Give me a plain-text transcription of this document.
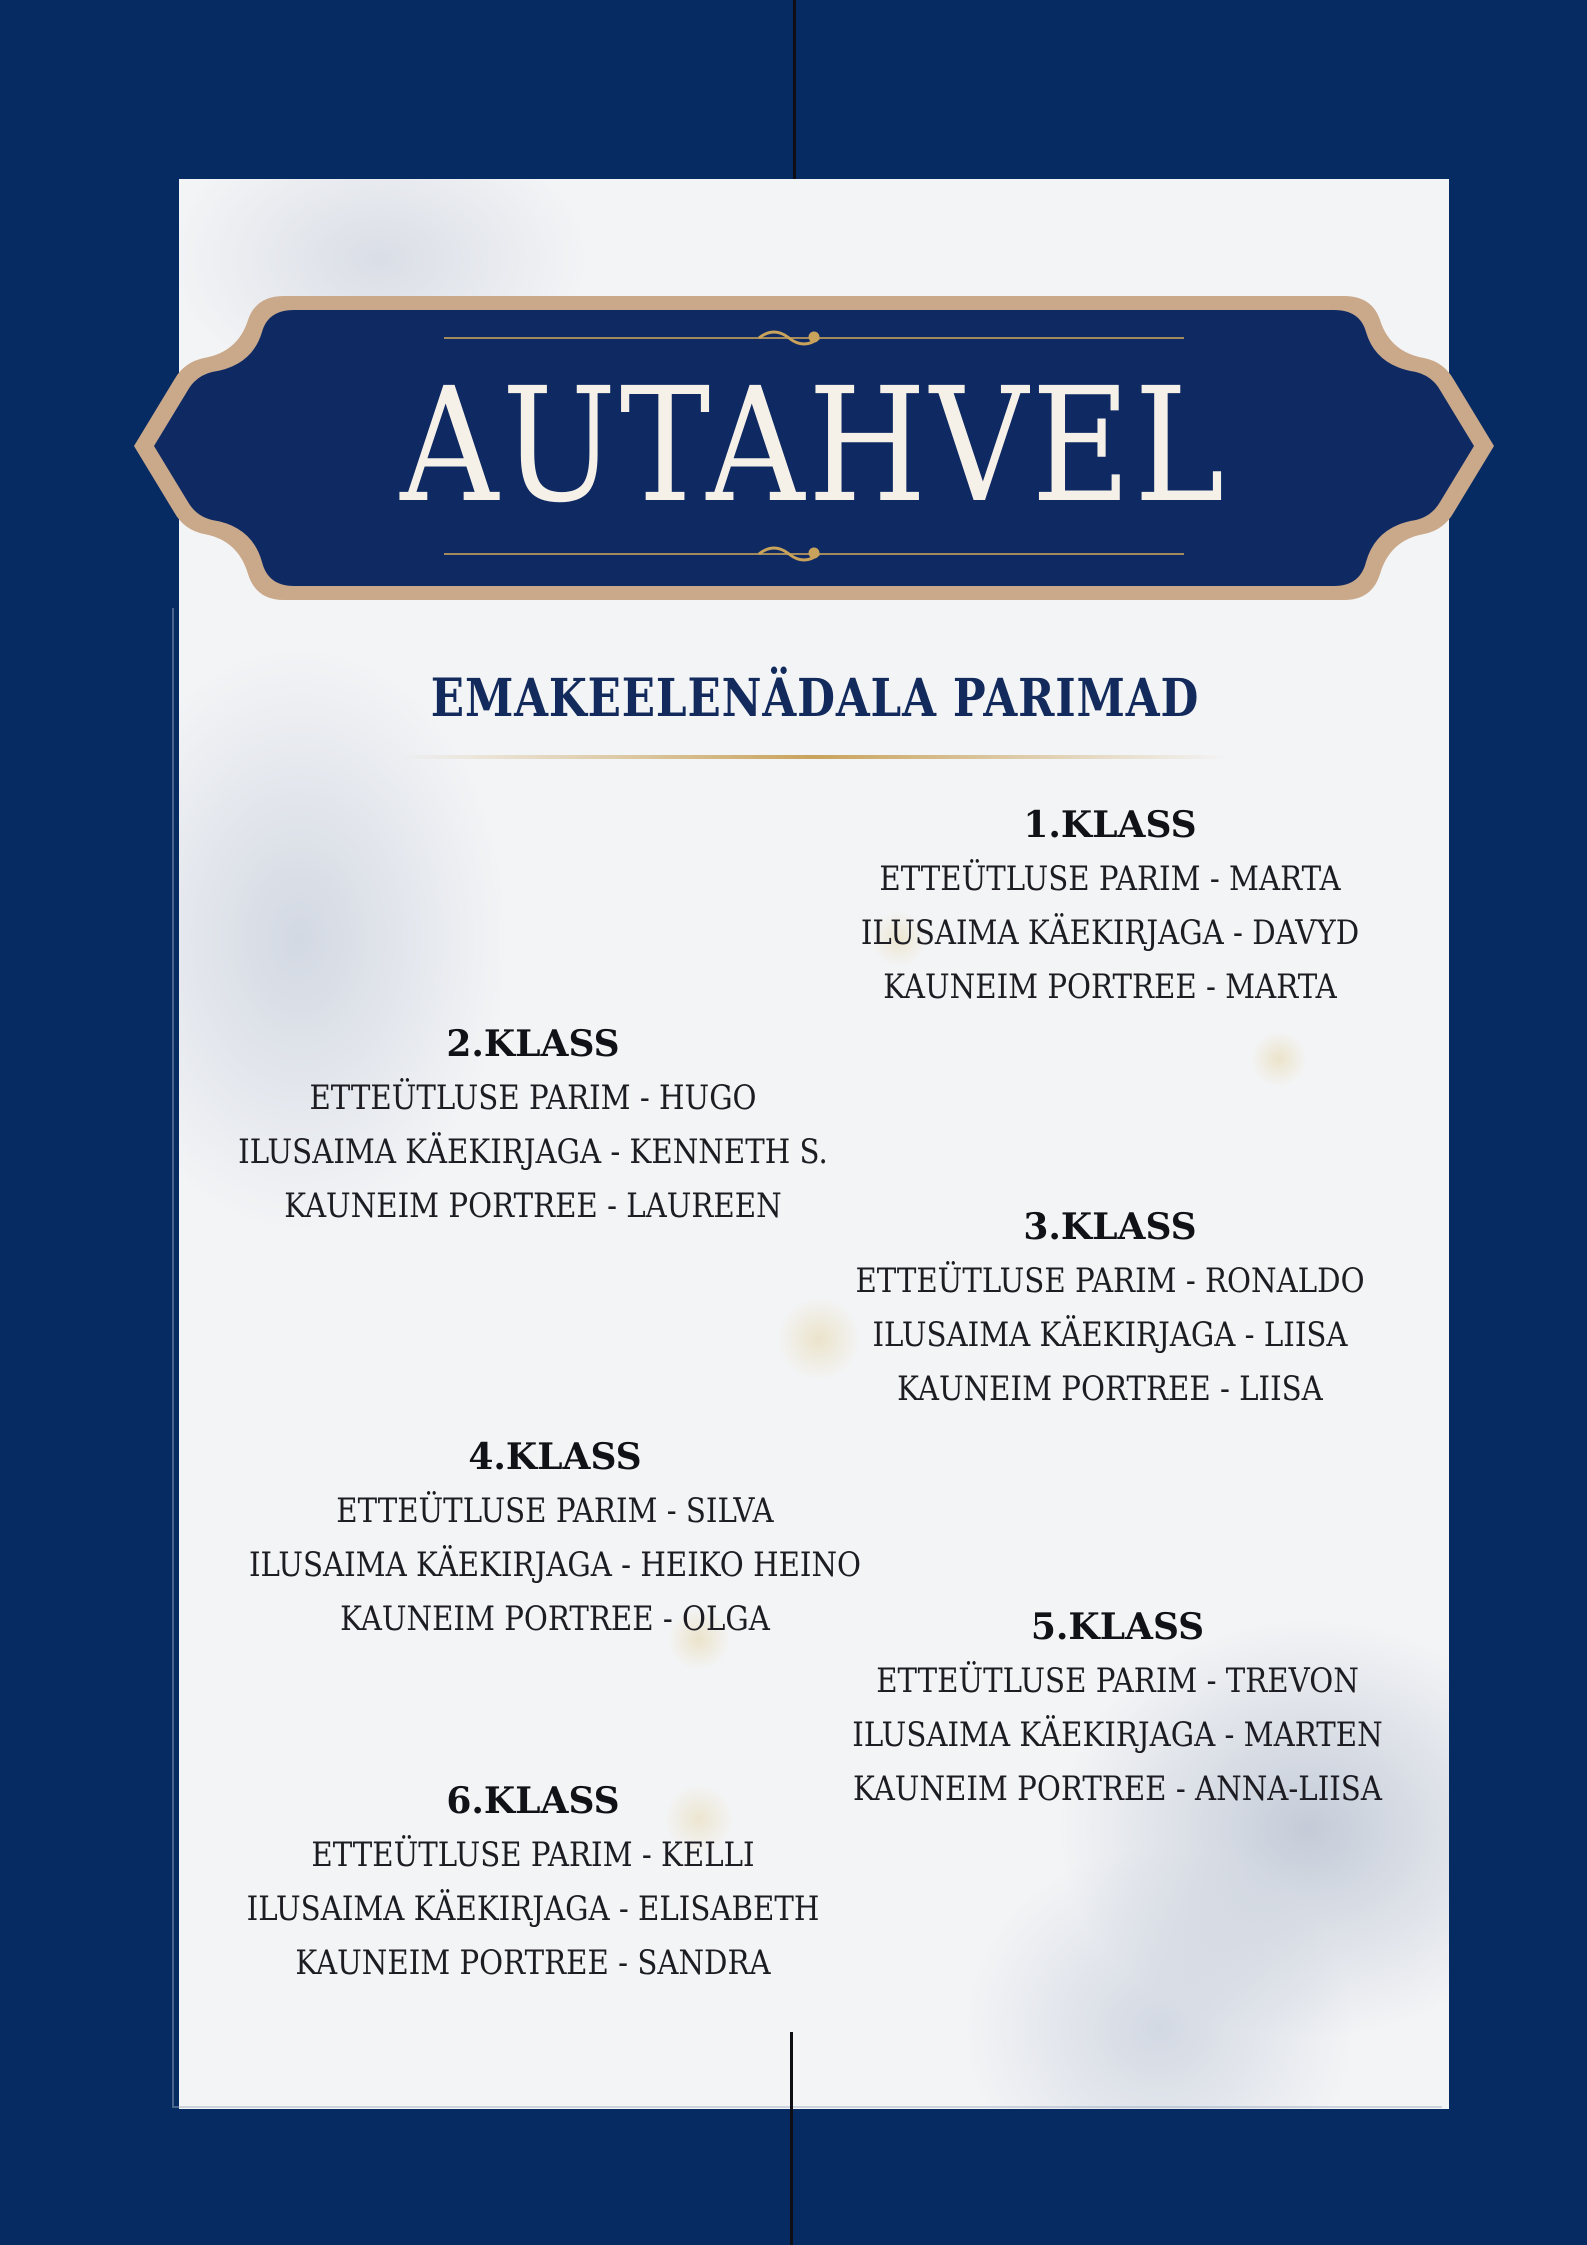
AUTAHVEL
EMAKEELENÄDALA PARIMAD
1.KLASS
ETTEÜTLUSE PARIM - MARTA
ILUSAIMA KÄEKIRJAGA - DAVYD
KAUNEIM PORTREE - MARTA
2.KLASS
ETTEÜTLUSE PARIM - HUGO
ILUSAIMA KÄEKIRJAGA - KENNETH S.
KAUNEIM PORTREE - LAUREEN	3.KLASS
ETTEÜTLUSE PARIM - RONALDO
ILUSAIMA KÄEKIRJAGA - LIISA
KAUNEIM PORTREE - LIISA
4.KLASS
ETTEÜTLUSE PARIM - SILVA
ILUSAIMA KÄEKIRJAGA - HEIKO HEINO
KAUNEIM PORTREE - OLGA	5.KLASS
ETTEÜTLUSE PARIM - TREVON
ILUSAIMA KÄEKIRJAGA - MARTEN
KAUNEIM PORTREE - ANNA-LIISA
6.KLASS
ETTEÜTLUSE PARIM - KELLI
ILUSAIMA KÄEKIRJAGA - ELISABETH
KAUNEIM PORTREE - SANDRA
